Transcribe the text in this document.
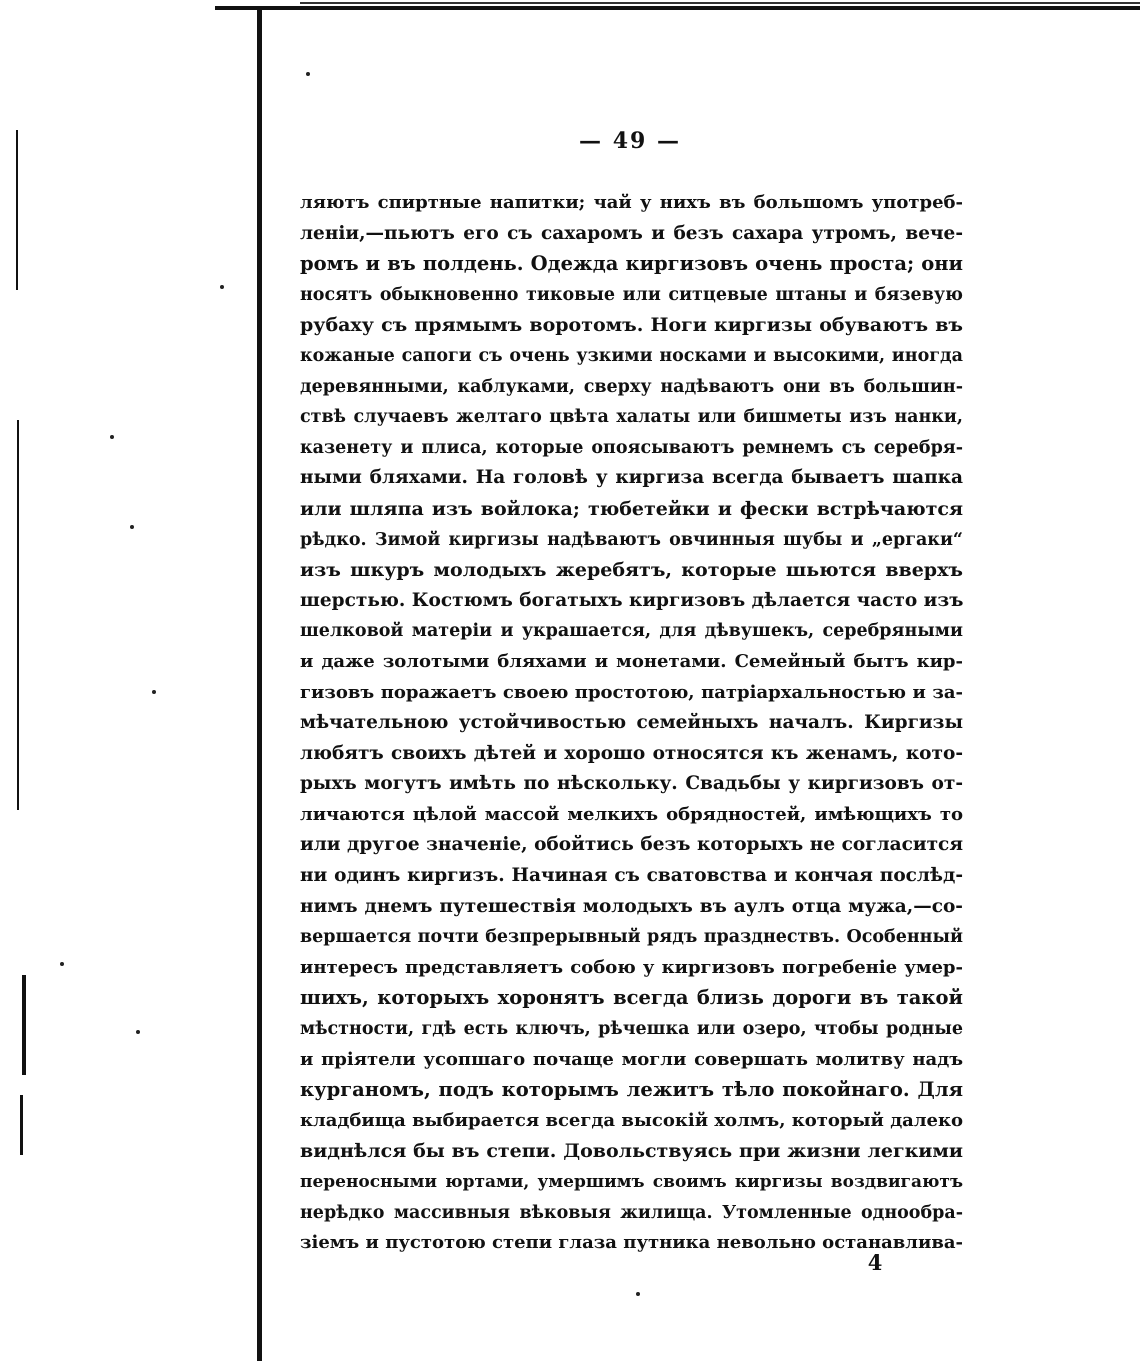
— 49 —
ляютъ спиртные напитки; чай у нихъ въ большомъ употреб-
леніи,—пьютъ его съ сахаромъ и безъ сахара утромъ, вече-
ромъ и въ полдень. Одежда киргизовъ очень проста; они
носятъ обыкновенно тиковые или ситцевые штаны и бязевую
рубаху съ прямымъ воротомъ. Ноги киргизы обуваютъ въ
кожаные сапоги съ очень узкими носками и высокими, иногда
деревянными, каблуками, сверху надѣваютъ они въ большин-
ствѣ случаевъ желтаго цвѣта халаты или бишметы изъ нанки,
казенету и плиса, которые опоясываютъ ремнемъ съ серебря-
ными бляхами. На головѣ у киргиза всегда бываетъ шапка
или шляпа изъ войлока; тюбетейки и фески встрѣчаются
рѣдко. Зимой киргизы надѣваютъ овчинныя шубы и „ергаки“
изъ шкуръ молодыхъ жеребятъ, которые шьются вверхъ
шерстью. Костюмъ богатыхъ киргизовъ дѣлается часто изъ
шелковой матеріи и украшается, для дѣвушекъ, серебряными
и даже золотыми бляхами и монетами. Семейный бытъ кир-
гизовъ поражаетъ своею простотою, патріархальностью и за-
мѣчательною устойчивостью семейныхъ началъ. Киргизы
любятъ своихъ дѣтей и хорошо относятся къ женамъ, кото-
рыхъ могутъ имѣть по нѣскольку. Свадьбы у киргизовъ от-
личаются цѣлой массой мелкихъ обрядностей, имѣющихъ то
или другое значеніе, обойтись безъ которыхъ не согласится
ни одинъ киргизъ. Начиная съ сватовства и кончая послѣд-
нимъ днемъ путешествія молодыхъ въ аулъ отца мужа,—со-
вершается почти безпрерывный рядъ празднествъ. Особенный
интересъ представляетъ собою у киргизовъ погребеніе умер-
шихъ, которыхъ хоронятъ всегда близь дороги въ такой
мѣстности, гдѣ есть ключъ, рѣчешка или озеро, чтобы родные
и пріятели усопшаго почаще могли совершать молитву надъ
курганомъ, подъ которымъ лежитъ тѣло покойнаго. Для
кладбища выбирается всегда высокій холмъ, который далеко
виднѣлся бы въ степи. Довольствуясь при жизни легкими
переносными юртами, умершимъ своимъ киргизы воздвигаютъ
нерѣдко массивныя вѣковыя жилища. Утомленные однообра-
зіемъ и пустотою степи глаза путника невольно останавлива-
4
